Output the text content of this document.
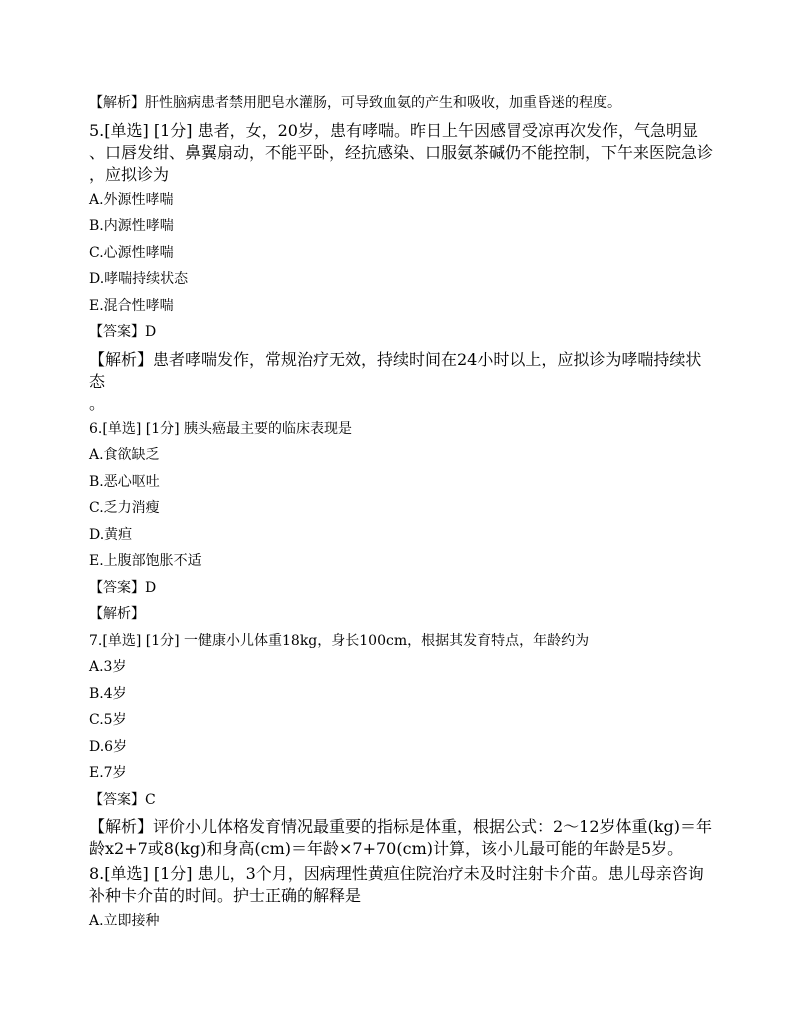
【解析】肝性脑病患者禁用肥皂水灌肠，可导致血氨的产生和吸收，加重昏迷的程度。
5.[单选] [1分] 患者，女，20岁，患有哮喘。昨日上午因感冒受凉再次发作，气急明显
、口唇发绀、鼻翼扇动，不能平卧，经抗感染、口服氨茶碱仍不能控制，下午来医院急诊
，应拟诊为
A.外源性哮喘
B.内源性哮喘
C.心源性哮喘
D.哮喘持续状态
E.混合性哮喘
【答案】D
【解析】患者哮喘发作，常规治疗无效，持续时间在24小时以上，应拟诊为哮喘持续状态
。
6.[单选] [1分] 胰头癌最主要的临床表现是
A.食欲缺乏
B.恶心呕吐
C.乏力消瘦
D.黄疸
E.上腹部饱胀不适
【答案】D
【解析】
7.[单选] [1分] 一健康小儿体重18kg，身长100cm，根据其发育特点，年龄约为
A.3岁
B.4岁
C.5岁
D.6岁
E.7岁
【答案】C
【解析】评价小儿体格发育情况最重要的指标是体重，根据公式：2～12岁体重(kg)＝年
龄x2+7或8(kg)和身高(cm)＝年龄×7+70(cm)计算，该小儿最可能的年龄是5岁。
8.[单选] [1分] 患儿，3个月，因病理性黄疸住院治疗未及时注射卡介苗。患儿母亲咨询
补种卡介苗的时间。护士正确的解释是
A.立即接种
